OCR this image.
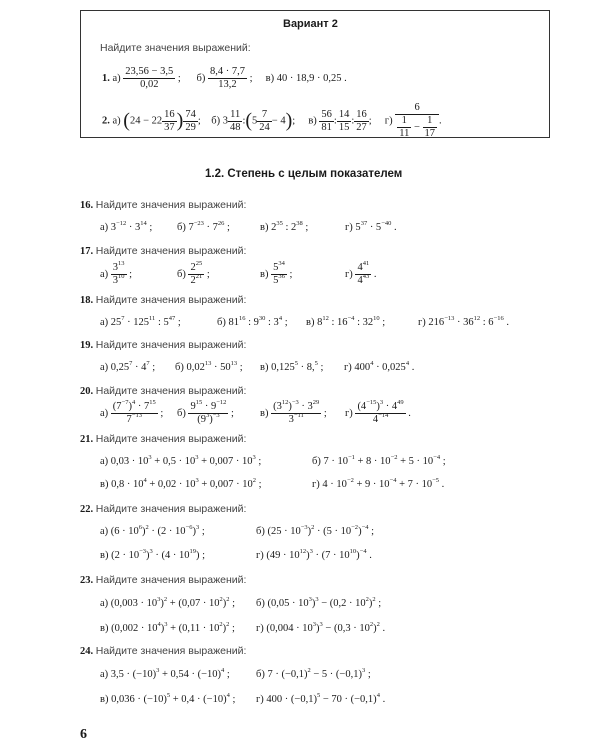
Вариант 2
Найдите значения выражений:
1. $а) \frac{23,56 - 3,5}{0,02}$ ; $б) \frac{8,4 \cdot 7,7}{13,2}$ ; в) 40 · 18,9 · 0,25 .
2. а) ($24 - 22 \frac{16}{37}$ ) $\frac{74}{29}$ ; б) $3 \frac{11}{48}$ :(5 $\frac{7}{24} - 4$); $в) \frac{56}{81}$ : $\frac{14}{15}$ : $\frac{16}{27}$ ; $г) \frac{6}{\frac{1}{11} - \frac{1}{17}}$ .
1.2. Степень с целым показателем
16. Найдите значения выражений:
а) $3^{-12} \cdot 3^{14}$ ; б) $7^{-23} \cdot 7^{26}$ ;	в) $2^{35}$ : $2^{38}$ ;	г) $5^{37} \cdot 5^{-40}$ .
17. Найдите значения выражений:
$а) \frac{3^{13}}{3^{10}}$ ;	$б) \frac{2^{25}}{2^{21}}$ ;	$в) \frac{5^{34}}{5^{36}}$ ;	$г) \frac{4^{41}}{4^{43}}$ .
18. Найдите значения выражений:
а) $25^7 \cdot 125^{11}$ : $5^{47}$ ;	б) $81^{16}$ : $9^{30}$ : $3^4$ ; в) $8^{12}$ : $16^{-4}$ : $32^{10}$ ;	г) $216^{-13} \cdot 36^{12}$ : $6^{-16}$ .
19. Найдите значения выражений:
а) $0,25^7 \cdot 4^7$ ; б) $0,02^{13} \cdot 50^{13}$ ; в) $0,125^5 \cdot 8,^5$ ; г) $400^4 \cdot 0,025^4$ .
20. Найдите значения выражений:
$а) \frac{(7^{-7})^4 \cdot 7^{15}}{7^{-13}}$ ; $б) \frac{9^{15} \cdot 9^{-12}}{(9^3)^{-3}}$ ; $в) \frac{(3^{12})^{-3} \cdot 3^{29}}{3^{-11}}$ ; $г) \frac{(4^{-15})^3 \cdot 4^{49}}{4^{-14}}$ .
21. Найдите значения выражений:
а) $0,03 \cdot 10^3 + 0,5 \cdot 10^3 + 0,007 \cdot 10^3$ ;	б) $7 \cdot 10^{-1} + 8 \cdot 10^{-2} + 5 \cdot 10^{-4}$ ;
в) $0,8 \cdot 10^4 + 0,02 \cdot 10^3 + 0,007 \cdot 10^2$ ;	г) $4 \cdot 10^{-2} + 9 \cdot 10^{-4} + 7 \cdot 10^{-5}$ .
22. Найдите значения выражений:
а) $(6 \cdot 10^6)^2 \cdot (2 \cdot 10^{-6})^3$ ;	б) $(25 \cdot 10^{-3})^2 \cdot (5 \cdot 10^{-2})^{-4}$ ;
в) $(2 \cdot 10^{-3})^3 \cdot (4 \cdot 10^{19})$ ;	г) $(49 \cdot 10^{12})^3 \cdot (7 \cdot 10^{10})^{-4}$ .
23. Найдите значения выражений:
а) $(0,003 \cdot 10^3)^2 + (0,07 \cdot 10^2)^2$ ; б) $(0,05 \cdot 10^3)^3 - (0,2 \cdot 10^2)^2$ ;
в) $(0,002 \cdot 10^4)^3 + (0,11 \cdot 10^2)^2$ ; г) $(0,004 \cdot 10^3)^3 - (0,3 \cdot 10^2)^2$ .
24. Найдите значения выражений:
а) $3,5 \cdot (-10)^3 + 0,54 \cdot (-10)^4$ ; б) $7 \cdot (-0,1)^2 - 5 \cdot (-0,1)^3$ ;
в) $0,036 \cdot (-10)^5 + 0,4 \cdot (-10)^4$ ; г) $400 \cdot (-0,1)^5 - 70 \cdot (-0,1)^4$ .
6
